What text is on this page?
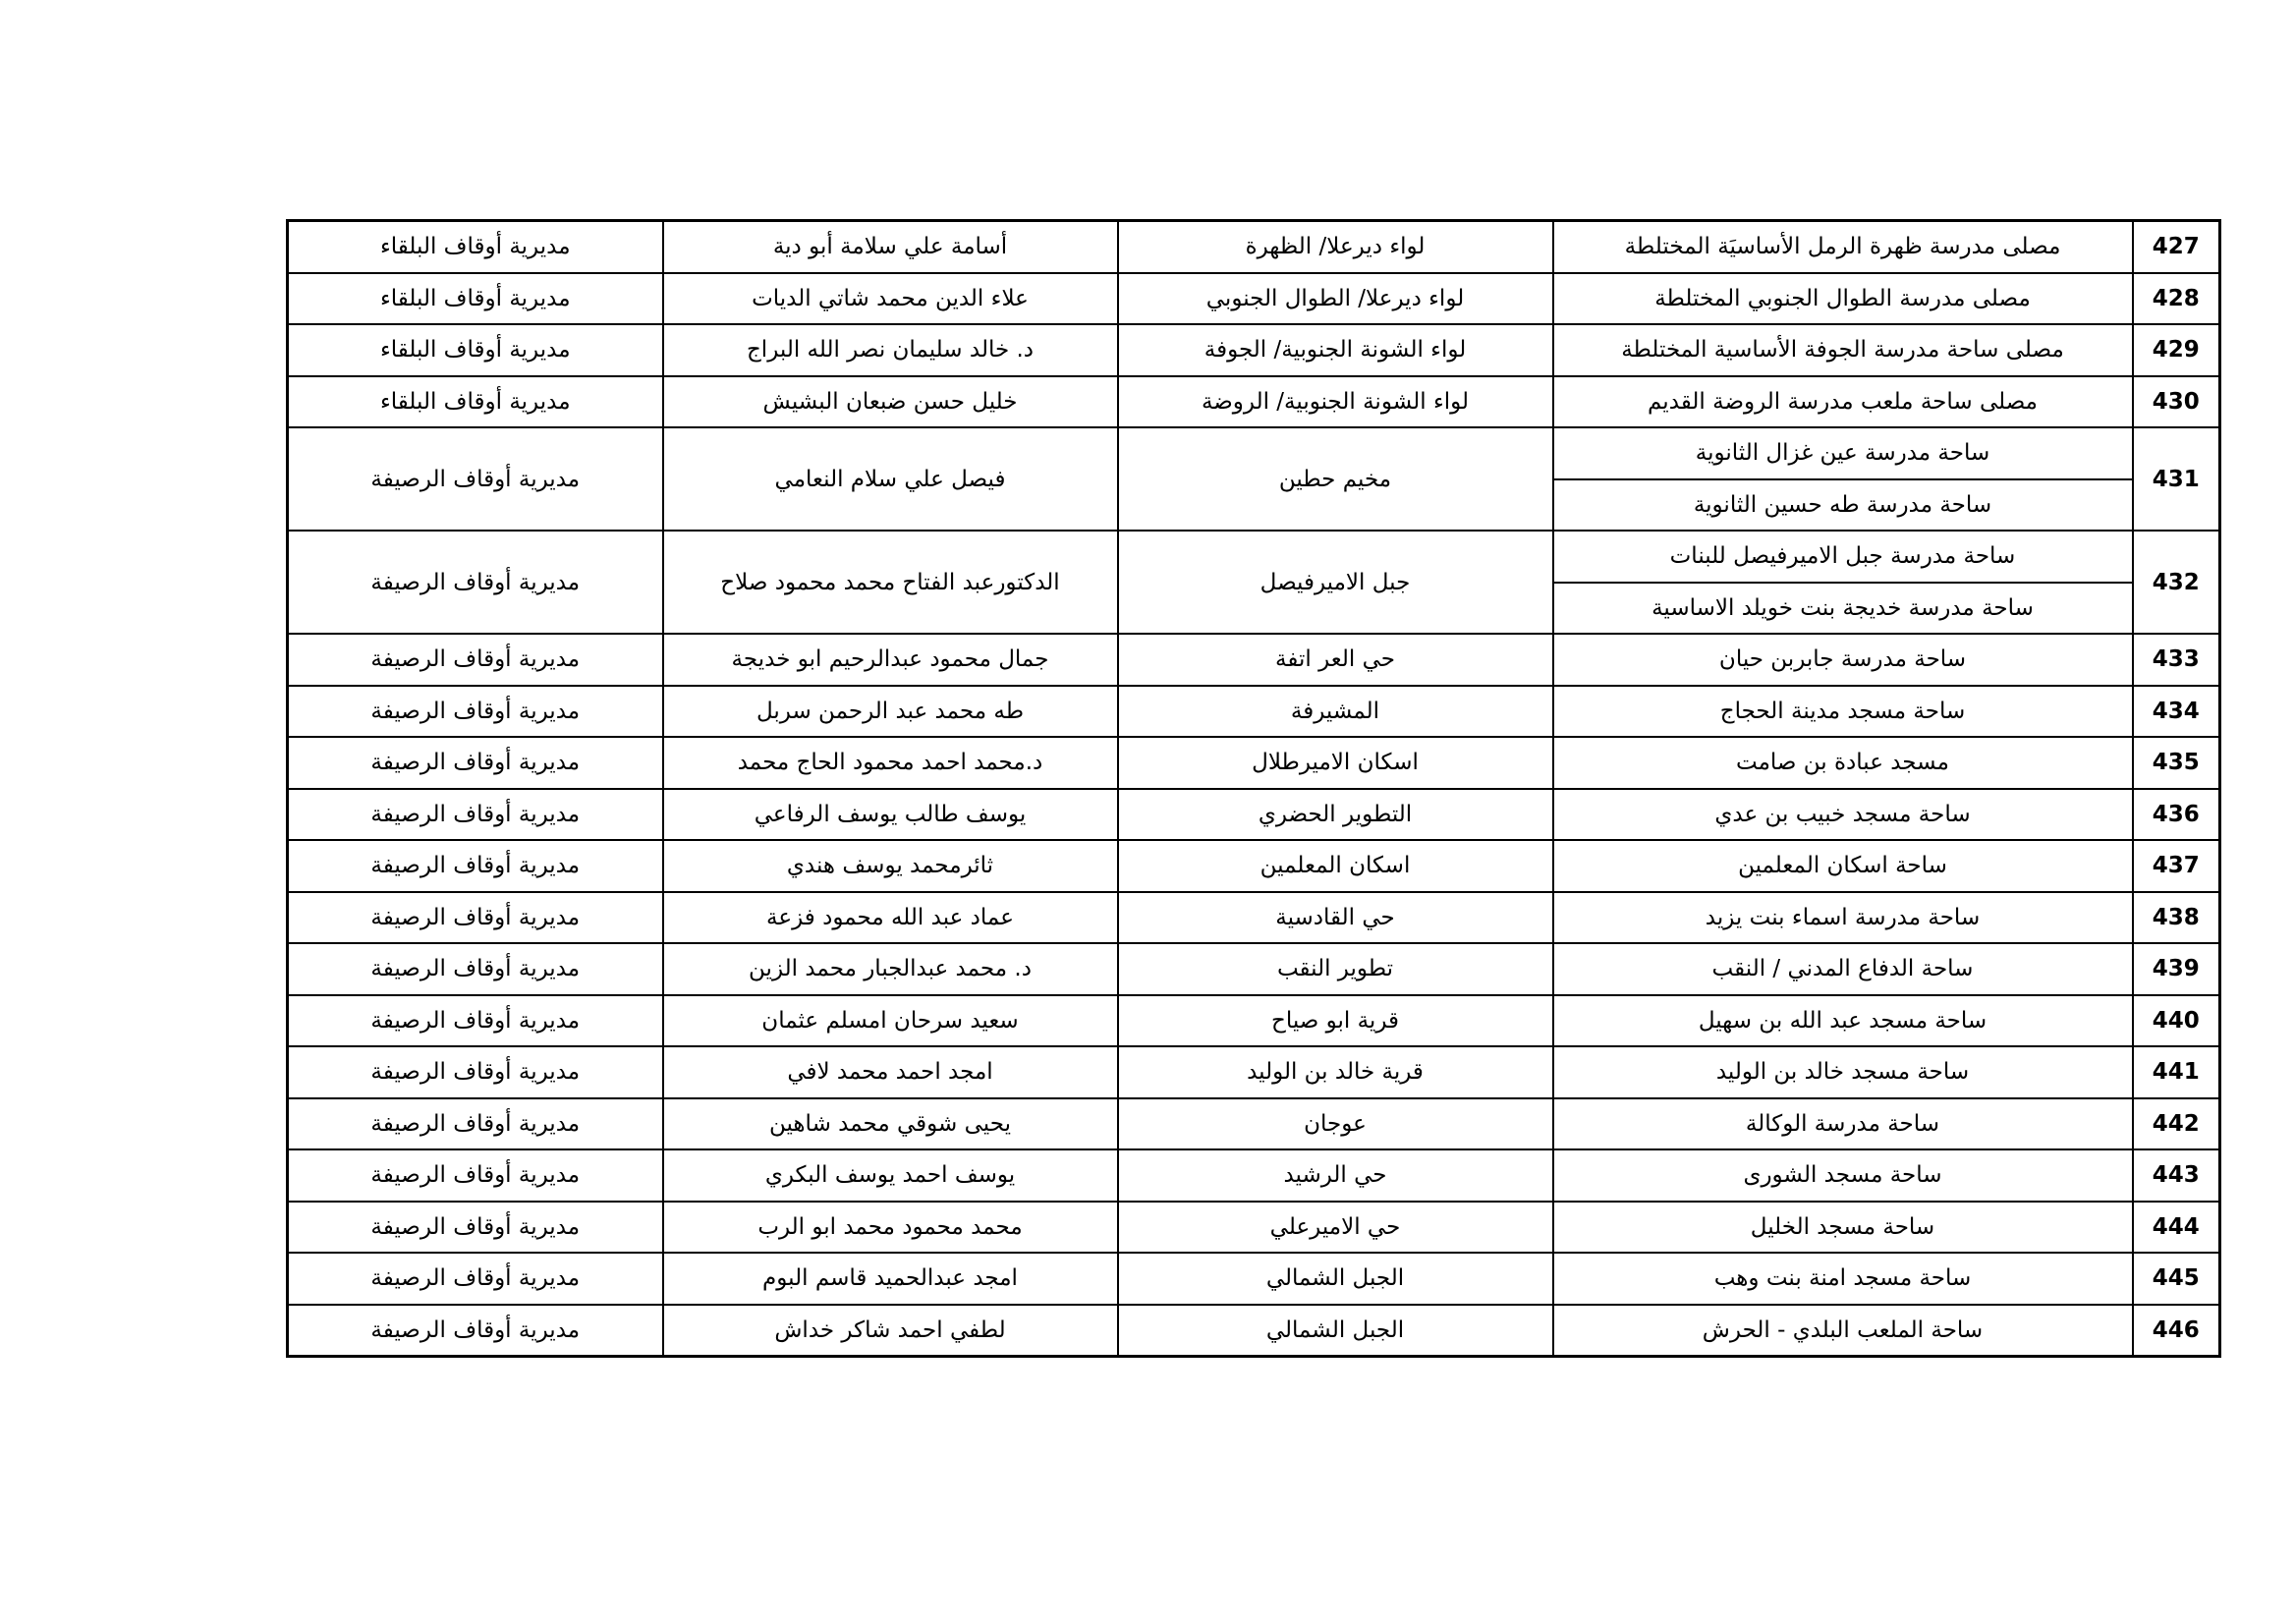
427	مصلى مدرسة ظهرة الرمل الأساسيَة المختلطة	لواء ديرعلا/ الظهرة	أسامة علي سلامة أبو دية	مديرية أوقاف البلقاء
428	مصلى مدرسة الطوال الجنوبي المختلطة	لواء ديرعلا/ الطوال الجنوبي	علاء الدين محمد شاتي الديات	مديرية أوقاف البلقاء
429	مصلى ساحة مدرسة الجوفة الأساسية المختلطة	لواء الشونة الجنوبية/ الجوفة	د. خالد سليمان نصر الله البراج	مديرية أوقاف البلقاء
430	مصلى ساحة ملعب مدرسة الروضة القديم	لواء الشونة الجنوبية/ الروضة	خليل حسن ضبعان البشيش	مديرية أوقاف البلقاء
431	ساحة مدرسة عين غزال الثانوية	مخيم حطين	فيصل علي سلام النعامي	مديرية أوقاف الرصيفة
	ساحة مدرسة طه حسين الثانوية			
432	ساحة مدرسة جبل الاميرفيصل للبنات	جبل الاميرفيصل	الدكتورعبد الفتاح محمد محمود صلاح	مديرية أوقاف الرصيفة
	ساحة مدرسة خديجة بنت خويلد الاساسية			
433	ساحة مدرسة جابربن حيان	حي العر اتفة	جمال محمود عبدالرحيم ابو خديجة	مديرية أوقاف الرصيفة
434	ساحة مسجد مدينة الحجاج	المشيرفة	طه محمد عبد الرحمن سربل	مديرية أوقاف الرصيفة
435	مسجد عبادة بن صامت	اسكان الاميرطلال	د.محمد احمد محمود الحاج محمد	مديرية أوقاف الرصيفة
436	ساحة مسجد خبيب بن عدي	التطوير الحضري	يوسف طالب يوسف الرفاعي	مديرية أوقاف الرصيفة
437	ساحة اسكان المعلمين	اسكان المعلمين	ثائرمحمد يوسف هندي	مديرية أوقاف الرصيفة
438	ساحة مدرسة اسماء بنت يزيد	حي القادسية	عماد عبد الله محمود فزعة	مديرية أوقاف الرصيفة
439	ساحة الدفاع المدني / النقب	تطوير النقب	د. محمد عبدالجبار محمد الزين	مديرية أوقاف الرصيفة
440	ساحة مسجد عبد الله بن سهيل	قرية ابو صياح	سعيد سرحان امسلم عثمان	مديرية أوقاف الرصيفة
441	ساحة مسجد خالد بن الوليد	قرية خالد بن الوليد	امجد احمد محمد لافي	مديرية أوقاف الرصيفة
442	ساحة مدرسة الوكالة	عوجان	يحيى شوقي محمد شاهين	مديرية أوقاف الرصيفة
443	ساحة مسجد الشورى	حي الرشيد	يوسف احمد يوسف البكري	مديرية أوقاف الرصيفة
444	ساحة مسجد الخليل	حي الاميرعلي	محمد محمود محمد ابو الرب	مديرية أوقاف الرصيفة
445	ساحة مسجد امنة بنت وهب	الجبل الشمالي	امجد عبدالحميد قاسم البوم	مديرية أوقاف الرصيفة
446	ساحة الملعب البلدي - الحرش	الجبل الشمالي	لطفي احمد شاكر خداش	مديرية أوقاف الرصيفة
